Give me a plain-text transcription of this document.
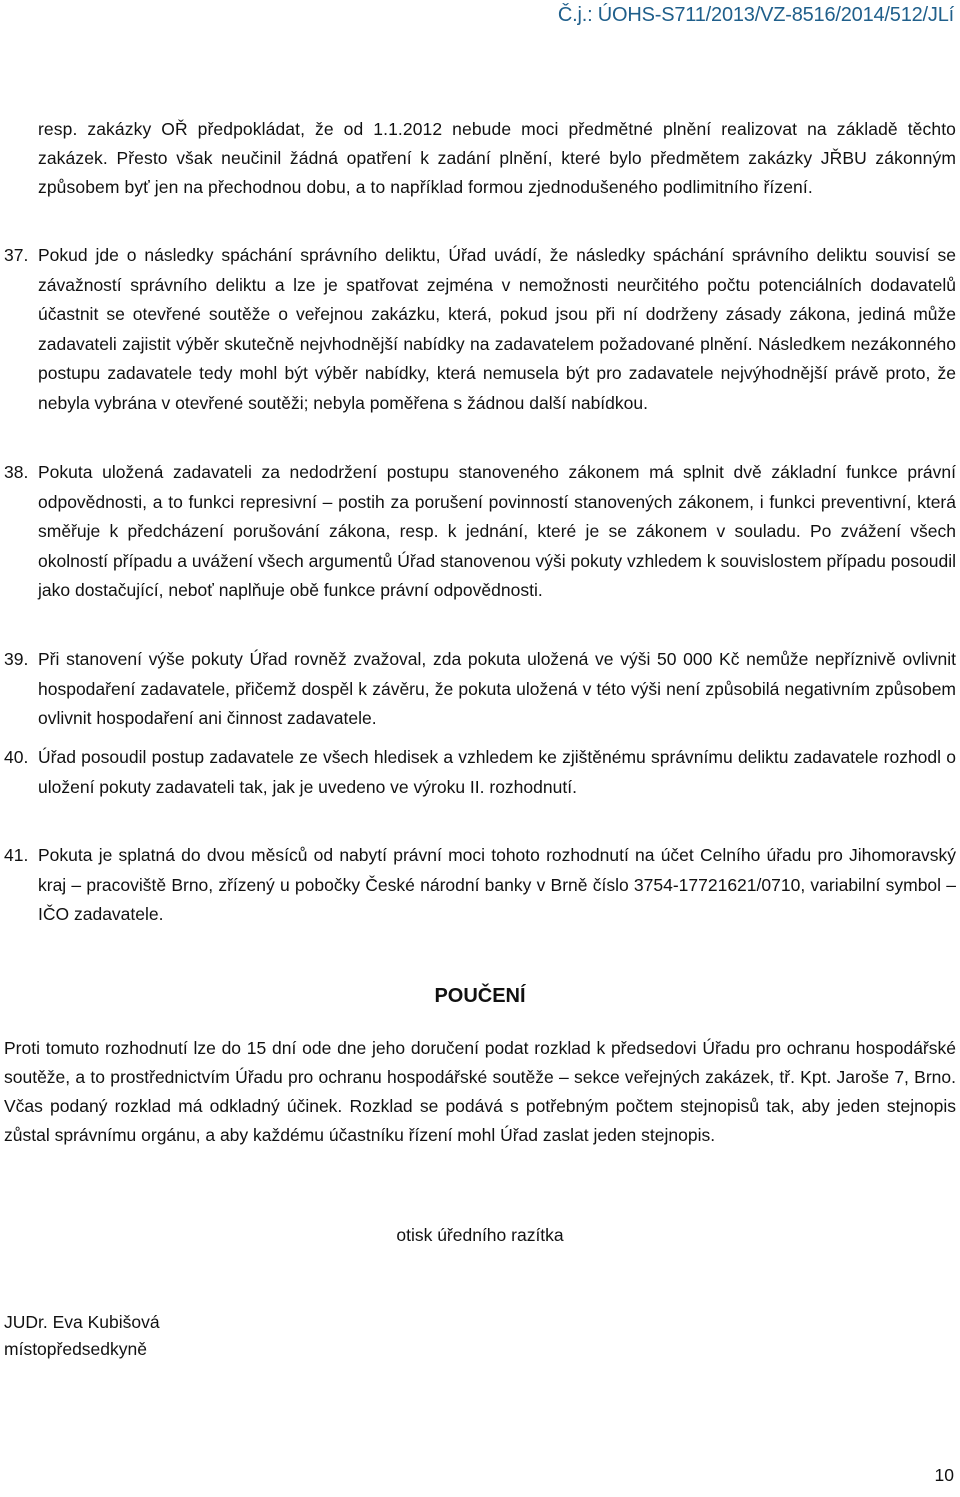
Č.j.: ÚOHS-S711/2013/VZ-8516/2014/512/JLí
resp. zakázky OŘ předpokládat, že od 1.1.2012 nebude moci předmětné plnění realizovat na základě těchto zakázek. Přesto však neučinil žádná opatření k zadání plnění, které bylo předmětem zakázky JŘBU zákonným způsobem byť jen na přechodnou dobu, a to například formou zjednodušeného podlimitního řízení.
37. Pokud jde o následky spáchání správního deliktu, Úřad uvádí, že následky spáchání správního deliktu souvisí se závažností správního deliktu a lze je spatřovat zejména v nemožnosti neurčitého počtu potenciálních dodavatelů účastnit se otevřené soutěže o veřejnou zakázku, která, pokud jsou při ní dodrženy zásady zákona, jediná může zadavateli zajistit výběr skutečně nejvhodnější nabídky na zadavatelem požadované plnění. Následkem nezákonného postupu zadavatele tedy mohl být výběr nabídky, která nemusela být pro zadavatele nejvýhodnější právě proto, že nebyla vybrána v otevřené soutěži; nebyla poměřena s žádnou další nabídkou.
38. Pokuta uložená zadavateli za nedodržení postupu stanoveného zákonem má splnit dvě základní funkce právní odpovědnosti, a to funkci represivní – postih za porušení povinností stanovených zákonem, i funkci preventivní, která směřuje k předcházení porušování zákona, resp. k jednání, které je se zákonem v souladu. Po zvážení všech okolností případu a uvážení všech argumentů Úřad stanovenou výši pokuty vzhledem k souvislostem případu posoudil jako dostačující, neboť naplňuje obě funkce právní odpovědnosti.
39. Při stanovení výše pokuty Úřad rovněž zvažoval, zda pokuta uložená ve výši 50 000 Kč nemůže nepříznivě ovlivnit hospodaření zadavatele, přičemž dospěl k závěru, že pokuta uložená v této výši není způsobilá negativním způsobem ovlivnit hospodaření ani činnost zadavatele.
40. Úřad posoudil postup zadavatele ze všech hledisek a vzhledem ke zjištěnému správnímu deliktu zadavatele rozhodl o uložení pokuty zadavateli tak, jak je uvedeno ve výroku II. rozhodnutí.
41. Pokuta je splatná do dvou měsíců od nabytí právní moci tohoto rozhodnutí na účet Celního úřadu pro Jihomoravský kraj – pracoviště Brno, zřízený u pobočky České národní banky v Brně číslo 3754-17721621/0710, variabilní symbol – IČO zadavatele.
POUČENÍ
Proti tomuto rozhodnutí lze do 15 dní ode dne jeho doručení podat rozklad k předsedovi Úřadu pro ochranu hospodářské soutěže, a to prostřednictvím Úřadu pro ochranu hospodářské soutěže – sekce veřejných zakázek, tř. Kpt. Jaroše 7, Brno. Včas podaný rozklad má odkladný účinek. Rozklad se podává s potřebným počtem stejnopisů tak, aby jeden stejnopis zůstal správnímu orgánu, a aby každému účastníku řízení mohl Úřad zaslat jeden stejnopis.
otisk úředního razítka
JUDr. Eva Kubišová
místopředsedkyně
10
